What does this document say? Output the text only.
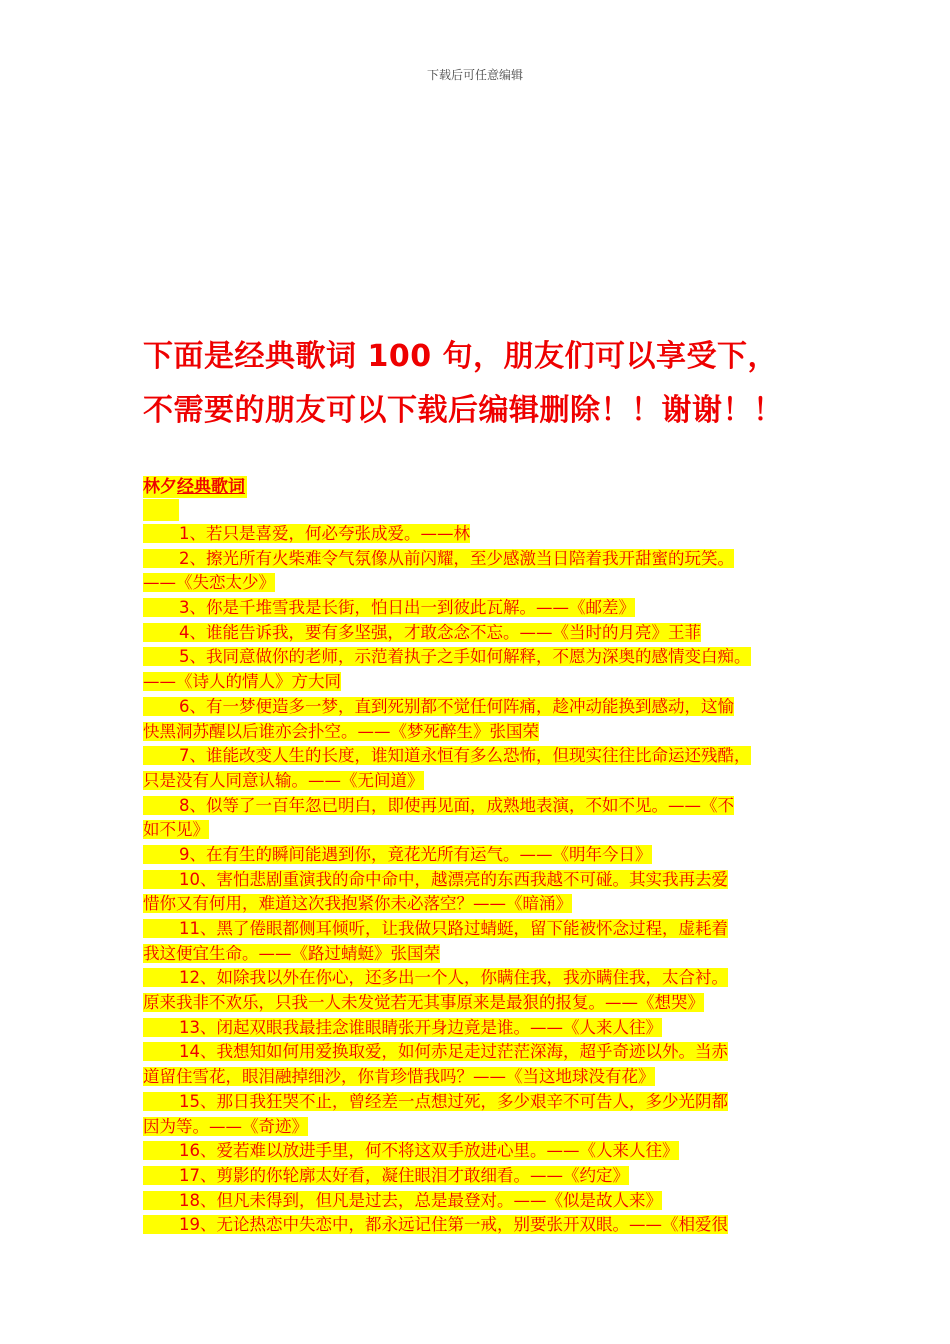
下载后可任意编辑
下面是经典歌词 100 句，朋友们可以享受下，
不需要的朋友可以下载后编辑删除！！谢谢！！
林夕经典歌词
1、若只是喜爱，何必夸张成爱。——林
2、擦光所有火柴难令气氛像从前闪耀，至少感激当日陪着我开甜蜜的玩笑。
——《失恋太少》
3、你是千堆雪我是长街，怕日出一到彼此瓦解。——《邮差》
4、谁能告诉我，要有多坚强，才敢念念不忘。——《当时的月亮》王菲
5、我同意做你的老师，示范着执子之手如何解释，不愿为深奥的感情变白痴。
——《诗人的情人》方大同
6、有一梦便造多一梦，直到死别都不觉任何阵痛，趁冲动能换到感动，这愉
快黑洞苏醒以后谁亦会扑空。——《梦死醉生》张国荣
7、谁能改变人生的长度，谁知道永恒有多么恐怖，但现实往往比命运还残酷，
只是没有人同意认输。——《无间道》
8、似等了一百年忽已明白，即使再见面，成熟地表演，不如不见。——《不
如不见》
9、在有生的瞬间能遇到你，竟花光所有运气。——《明年今日》
10、害怕悲剧重演我的命中命中，越漂亮的东西我越不可碰。其实我再去爱
惜你又有何用，难道这次我抱紧你未必落空？——《暗涌》
11、黑了倦眼都侧耳倾听，让我做只路过蜻蜓，留下能被怀念过程，虚耗着
我这便宜生命。——《路过蜻蜓》张国荣
12、如除我以外在你心，还多出一个人，你瞒住我，我亦瞒住我，太合衬。
原来我非不欢乐，只我一人未发觉若无其事原来是最狠的报复。——《想哭》
13、闭起双眼我最挂念谁眼睛张开身边竟是谁。——《人来人往》
14、我想知如何用爱换取爱，如何赤足走过茫茫深海，超乎奇迹以外。当赤
道留住雪花，眼泪融掉细沙，你肯珍惜我吗？——《当这地球没有花》
15、那日我狂哭不止，曾经差一点想过死，多少艰辛不可告人，多少光阴都
因为等。——《奇迹》
16、爱若难以放进手里，何不将这双手放进心里。——《人来人往》
17、剪影的你轮廓太好看，凝住眼泪才敢细看。——《约定》
18、但凡未得到，但凡是过去，总是最登对。——《似是故人来》
19、无论热恋中失恋中，都永远记住第一戒，别要张开双眼。——《相爱很
